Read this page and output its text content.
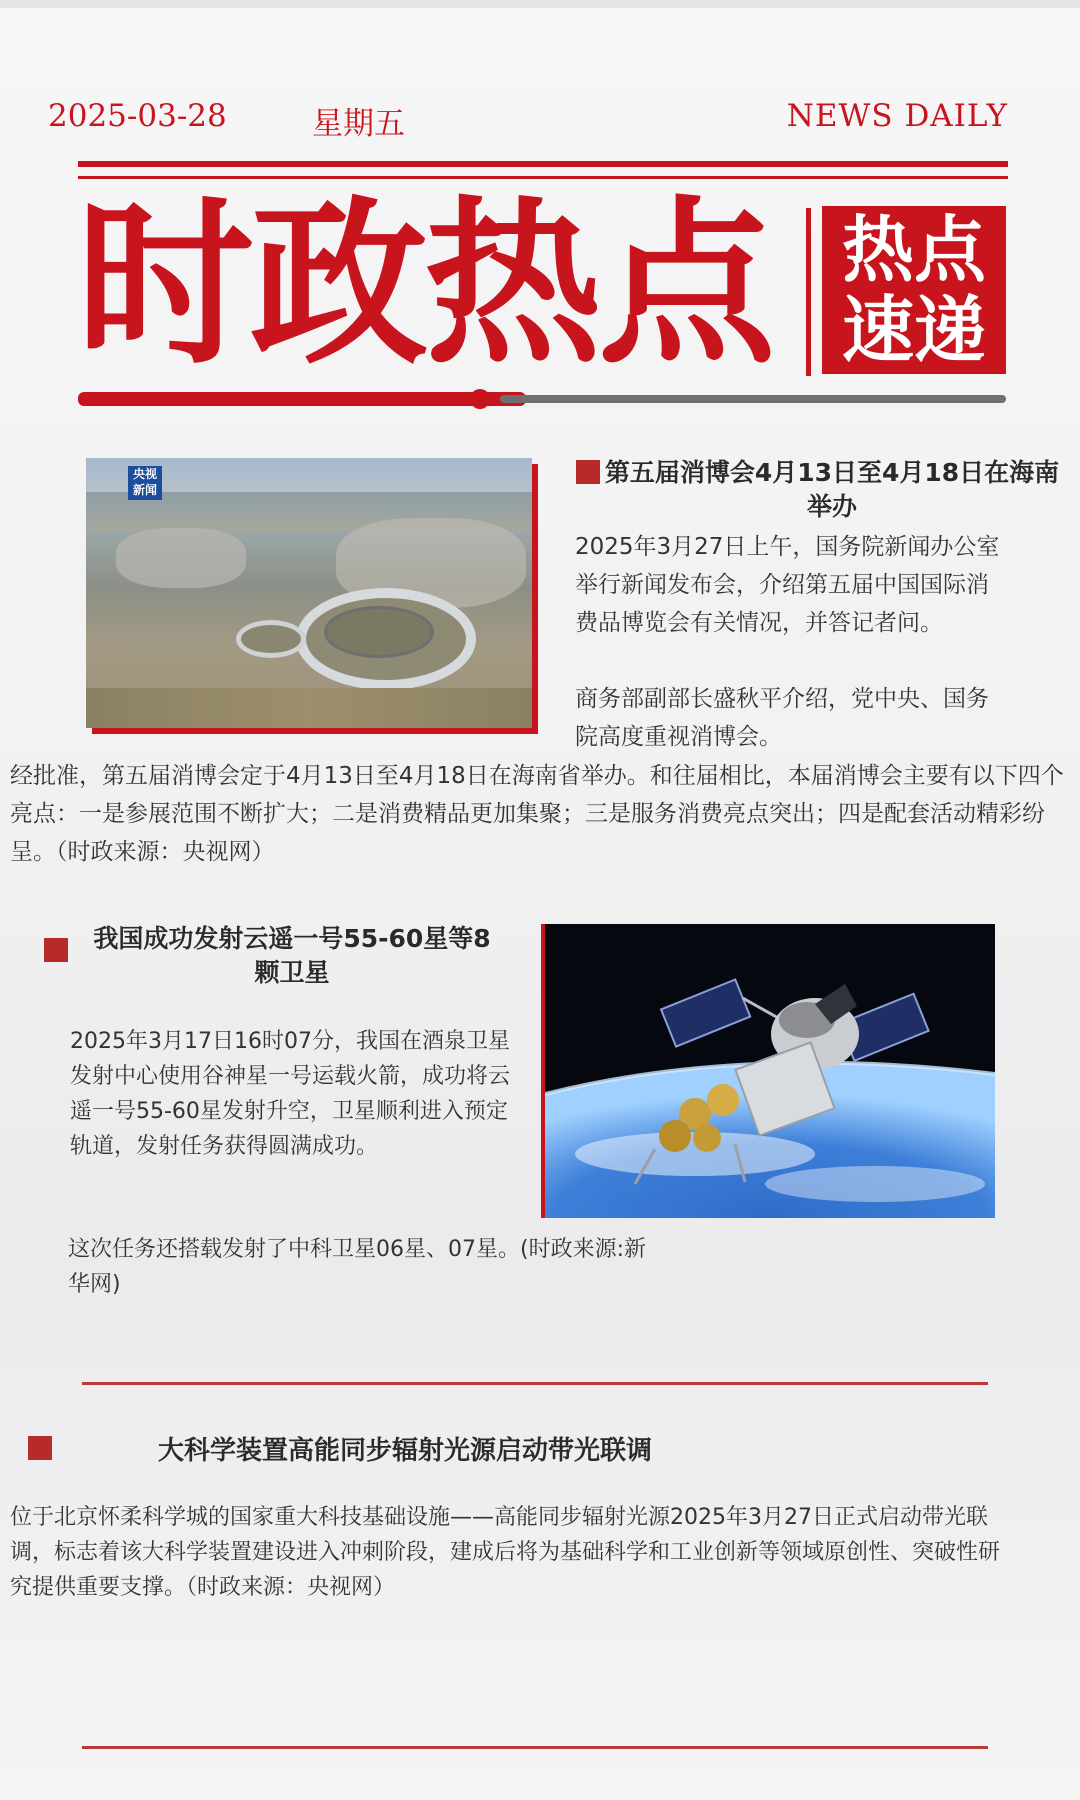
2025-03-28	星期五	NEWS DAILY
时政热点 热点
速递
央视新闻
第五届消博会4月13日至4月18日在海南举办
2025年3月27日上午，国务院新闻办公室举行新闻发布会，介绍第五届中国国际消费品博览会有关情况，并答记者问。
商务部副部长盛秋平介绍，党中央、国务院高度重视消博会。
经批准，第五届消博会定于4月13日至4月18日在海南省举办。和往届相比，本届消博会主要有以下四个亮点：一是参展范围不断扩大；二是消费精品更加集聚；三是服务消费亮点突出；四是配套活动精彩纷呈。（时政来源：央视网）
我国成功发射云遥一号55-60星等8颗卫星
2025年3月17日16时07分，我国在酒泉卫星发射中心使用谷神星一号运载火箭，成功将云遥一号55-60星发射升空，卫星顺利进入预定轨道，发射任务获得圆满成功。
这次任务还搭载发射了中科卫星06星、07星。(时政来源:新华网)
大科学装置高能同步辐射光源启动带光联调
位于北京怀柔科学城的国家重大科技基础设施——高能同步辐射光源2025年3月27日正式启动带光联调，标志着该大科学装置建设进入冲刺阶段，建成后将为基础科学和工业创新等领域原创性、突破性研究提供重要支撑。（时政来源：央视网）
